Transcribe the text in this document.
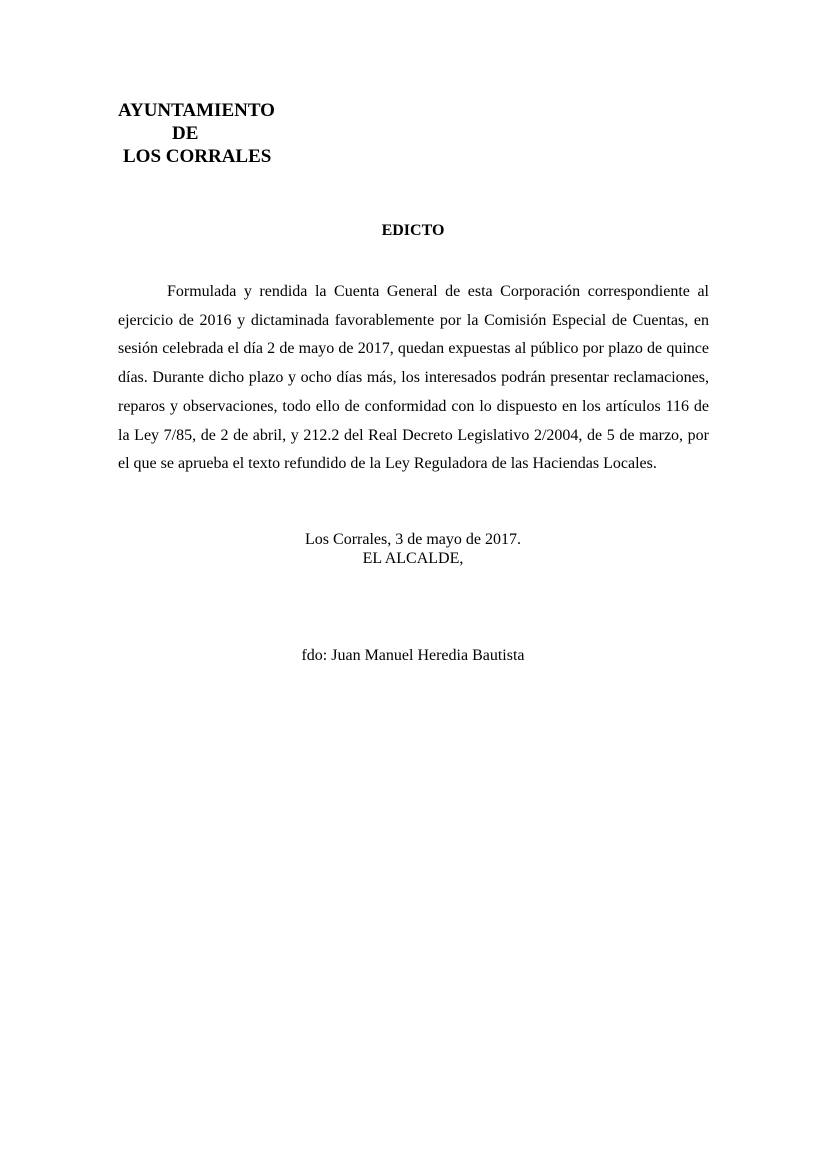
AYUNTAMIENTO
DE
LOS CORRALES
EDICTO

Formulada y rendida la Cuenta General de esta Corporación correspondiente al ejercicio de 2016 y dictaminada favorablemente por la Comisión Especial de Cuentas, en sesión celebrada el día 2 de mayo de 2017, quedan expuestas al público por plazo de quince días. Durante dicho plazo y ocho días más, los interesados podrán presentar reclamaciones, reparos y observaciones, todo ello de conformidad con lo dispuesto en los artículos 116 de la Ley 7/85, de 2 de abril, y 212.2 del Real Decreto Legislativo 2/2004, de 5 de marzo, por el que se aprueba el texto refundido de la Ley Reguladora de las Haciendas Locales.

Los Corrales, 3 de mayo de 2017.
EL ALCALDE,
fdo: Juan Manuel Heredia Bautista
